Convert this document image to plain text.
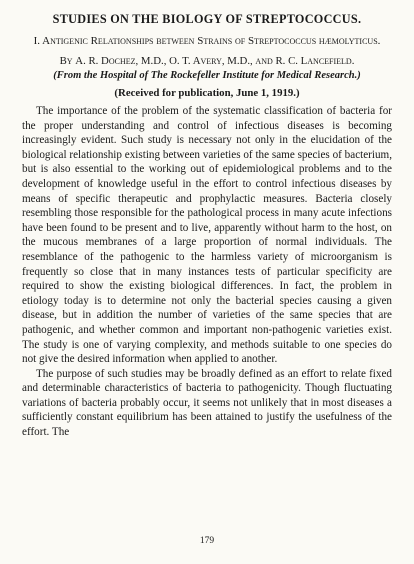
STUDIES ON THE BIOLOGY OF STREPTOCOCCUS.

I. Antigenic Relationships between Strains of Streptococcus hæmolyticus.

By A. R. Dochez, M.D., O. T. Avery, M.D., and R. C. Lancefield.

(From the Hospital of The Rockefeller Institute for Medical Research.)

(Received for publication, June 1, 1919.)

The importance of the problem of the systematic classification of bacteria for the proper understanding and control of infectious diseases is becoming increasingly evident. Such study is necessary not only in the elucidation of the biological relationship existing between varieties of the same species of bacterium, but is also essential to the working out of epidemiological problems and to the development of knowledge useful in the effort to control infectious diseases by means of specific therapeutic and prophylactic measures. Bacteria closely resembling those responsible for the pathological process in many acute infections have been found to be present and to live, apparently without harm to the host, on the mucous membranes of a large proportion of normal individuals. The resemblance of the pathogenic to the harmless variety of microorganism is frequently so close that in many instances tests of particular specificity are required to show the existing biological differences. In fact, the problem in etiology today is to determine not only the bacterial species causing a given disease, but in addition the number of varieties of the same species that are pathogenic, and whether common and important non-pathogenic varieties exist. The study is one of varying complexity, and methods suitable to one species do not give the desired information when applied to another.

The purpose of such studies may be broadly defined as an effort to relate fixed and determinable characteristics of bacteria to pathogenicity. Though fluctuating variations of bacteria probably occur, it seems not unlikely that in most diseases a sufficiently constant equilibrium has been attained to justify the usefulness of the effort. The

179
